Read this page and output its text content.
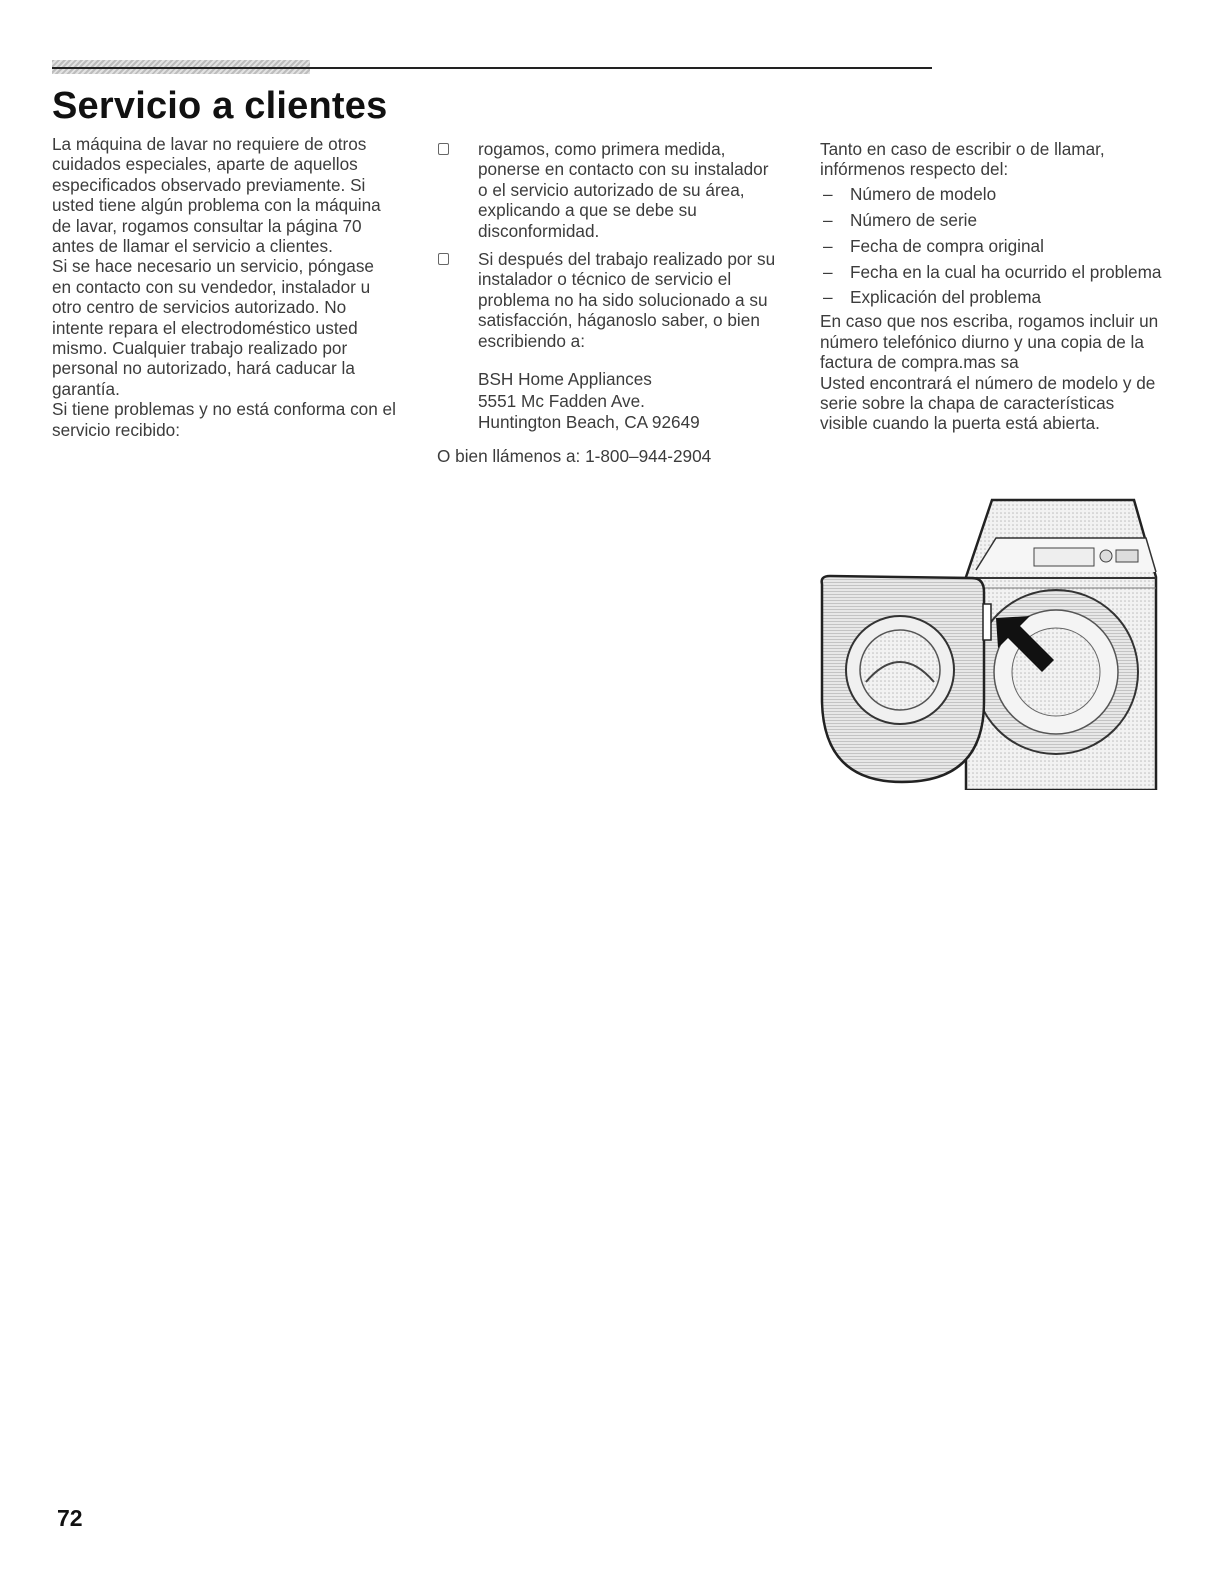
Servicio a clientes

La máquina de lavar no requiere de otros cuidados especiales, aparte de aquellos especificados observado previamente. Si usted tiene algún problema con la máquina de lavar, rogamos consultar la página 70 antes de llamar el servicio a clientes.

Si se hace necesario un servicio, póngase en contacto con su vendedor, instalador u otro centro de servicios autorizado. No intente repara el electrodoméstico usted mismo. Cualquier trabajo realizado por personal no autorizado, hará caducar la garantía.

Si tiene problemas y no está conforma con el servicio recibido:

rogamos, como primera medida, ponerse en contacto con su instalador o el servicio autorizado de su área, explicando a que se debe su disconformidad.

Si después del trabajo realizado por su instalador o técnico de servicio el problema no ha sido solucionado a su satisfacción, háganoslo saber, o bien escribiendo a:

BSH Home Appliances
5551 Mc Fadden Ave.
Huntington Beach, CA 92649

O bien llámenos a: 1-800–944-2904

Tanto en caso de escribir o de llamar, infórmenos respecto del:

– Número de modelo

– Número de serie

– Fecha de compra original

– Fecha en la cual ha ocurrido el problema

– Explicación del problema

En caso que nos escriba, rogamos incluir un número telefónico diurno y una copia de la factura de compra.mas sa

Usted encontrará el número de modelo y de serie sobre la chapa de características visible cuando la puerta está abierta.

72
